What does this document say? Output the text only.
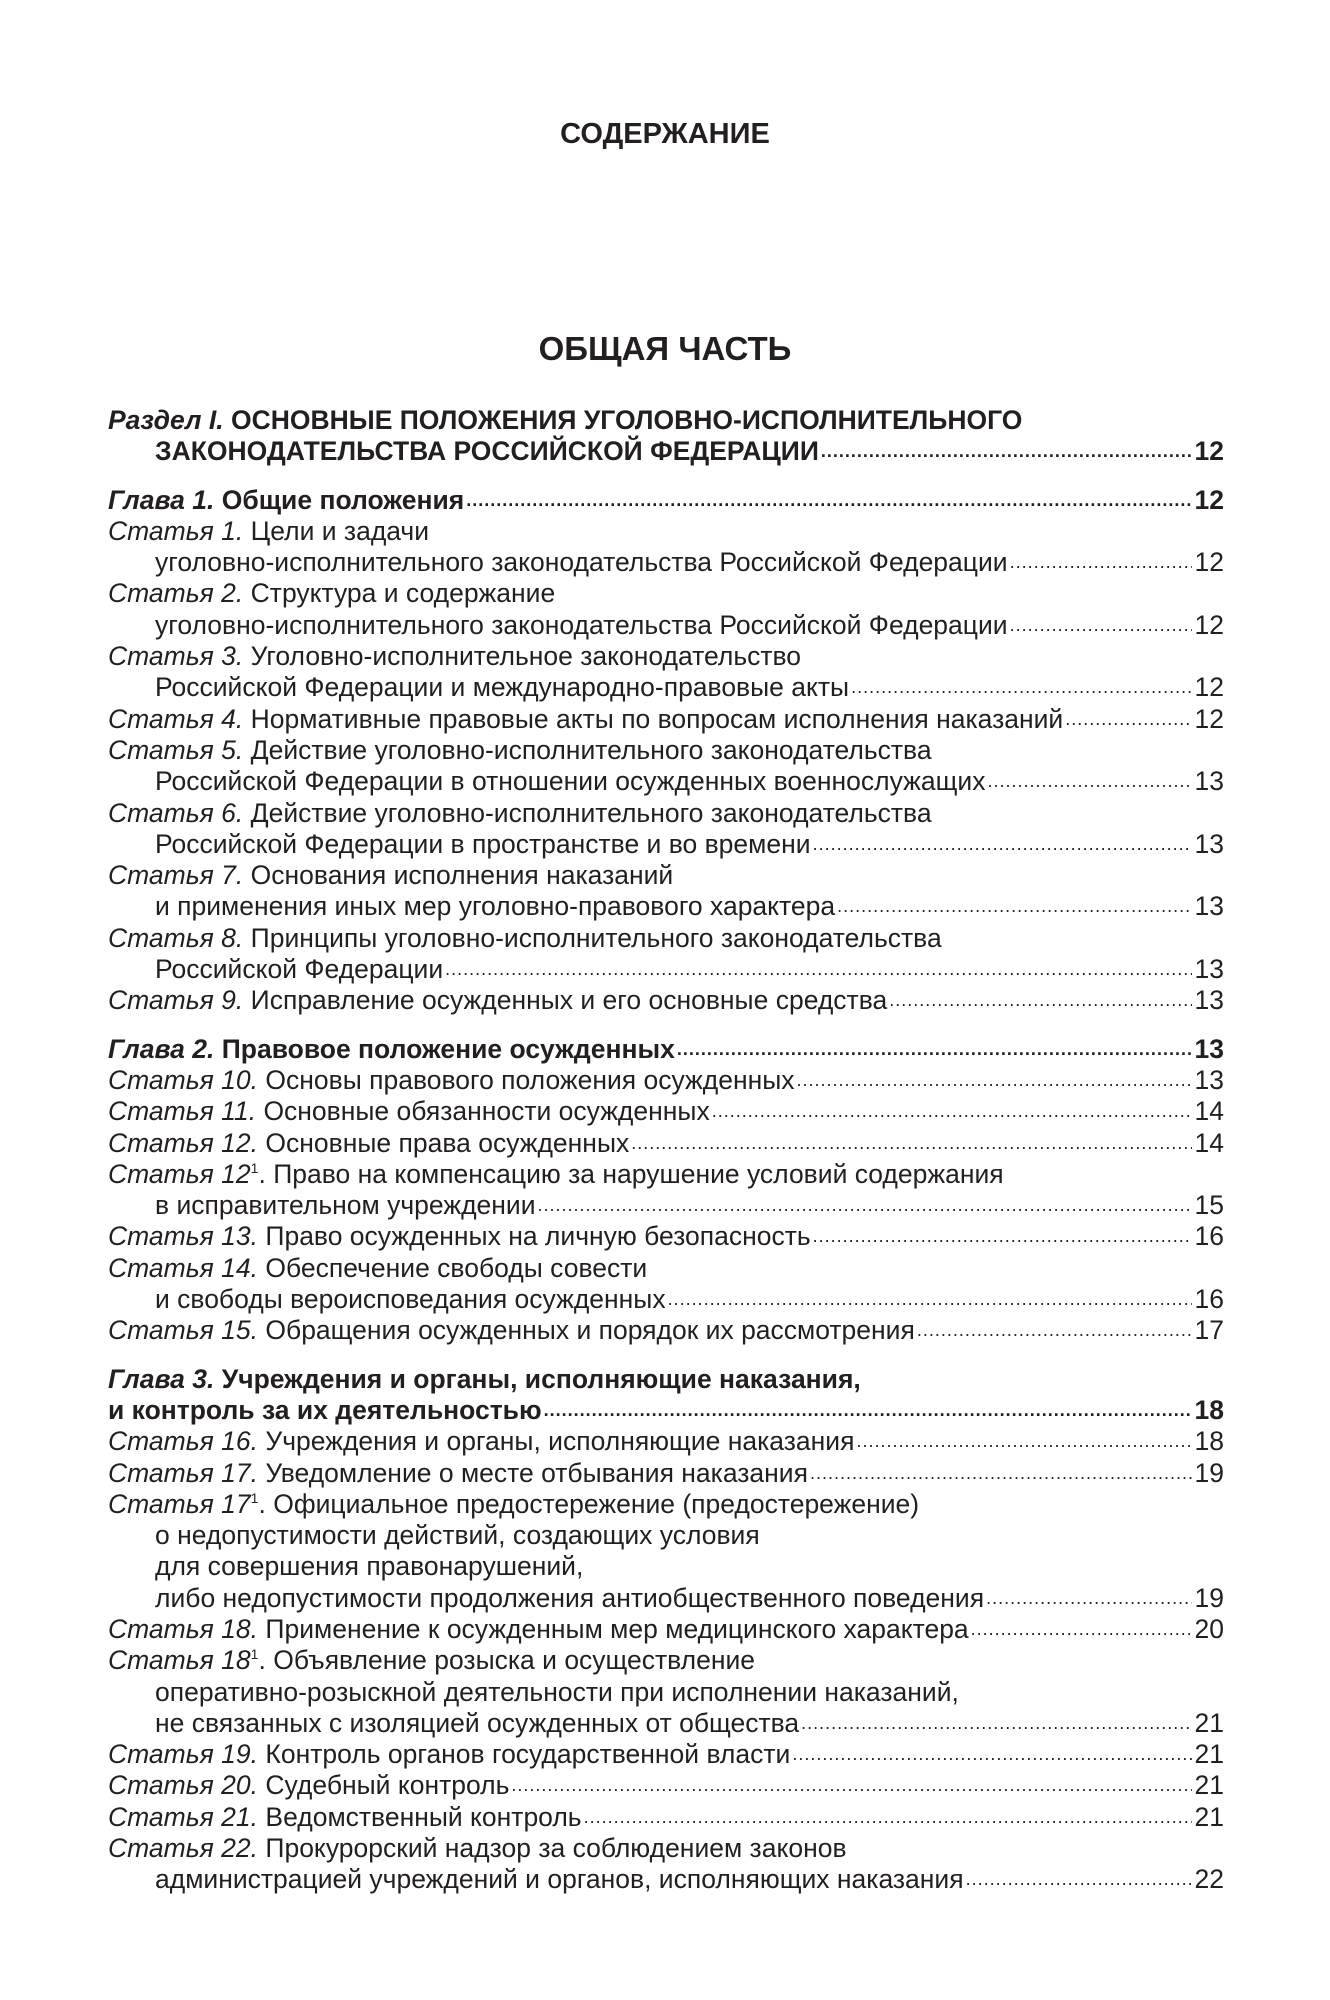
СОДЕРЖАНИЕ
ОБЩАЯ ЧАСТЬ
Раздел I. ОСНОВНЫЕ ПОЛОЖЕНИЯ УГОЛОВНО-ИСПОЛНИТЕЛЬНОГО
ЗАКОНОДАТЕЛЬСТВА РОССИЙСКОЙ ФЕДЕРАЦИИ .....	12
Глава 1. Общие положения .....	12
Статья 1. Цели и задачи
уголовно-исполнительного законодательства Российской Федерации .....	12
Статья 2. Структура и содержание
уголовно-исполнительного законодательства Российской Федерации .....	12
Статья 3. Уголовно-исполнительное законодательство
Российской Федерации и международно-правовые акты .....	12
Статья 4. Нормативные правовые акты по вопросам исполнения наказаний .....	12
Статья 5. Действие уголовно-исполнительного законодательства
Российской Федерации в отношении осужденных военнослужащих .....	13
Статья 6. Действие уголовно-исполнительного законодательства
Российской Федерации в пространстве и во времени .....	13
Статья 7. Основания исполнения наказаний
и применения иных мер уголовно-правового характера .....	13
Статья 8. Принципы уголовно-исполнительного законодательства
Российской Федерации .....	13
Статья 9. Исправление осужденных и его основные средства .....	13
Глава 2. Правовое положение осужденных .....	13
Статья 10. Основы правового положения осужденных .....	13
Статья 11. Основные обязанности осужденных .....	14
Статья 12. Основные права осужденных .....	14
Статья $12^1$. Право на компенсацию за нарушение условий содержания
в исправительном учреждении .....	15
Статья 13. Право осужденных на личную безопасность .....	16
Статья 14. Обеспечение свободы совести
и свободы вероисповедания осужденных .....	16
Статья 15. Обращения осужденных и порядок их рассмотрения .....	17
Глава 3. Учреждения и органы, исполняющие наказания,
и контроль за их деятельностью .....	18
Статья 16. Учреждения и органы, исполняющие наказания .....	18
Статья 17. Уведомление о месте отбывания наказания .....	19
Статья $17^1$. Официальное предостережение (предостережение)
о недопустимости действий, создающих условия
для совершения правонарушений,
либо недопустимости продолжения антиобщественного поведения .....	19
Статья 18. Применение к осужденным мер медицинского характера .....	20
Статья $18^1$. Объявление розыска и осуществление
оперативно-розыскной деятельности при исполнении наказаний,
не связанных с изоляцией осужденных от общества .....	21
Статья 19. Контроль органов государственной власти .....	21
Статья 20. Судебный контроль .....	21
Статья 21. Ведомственный контроль .....	21
Статья 22. Прокурорский надзор за соблюдением законов
администрацией учреждений и органов, исполняющих наказания .....	22
